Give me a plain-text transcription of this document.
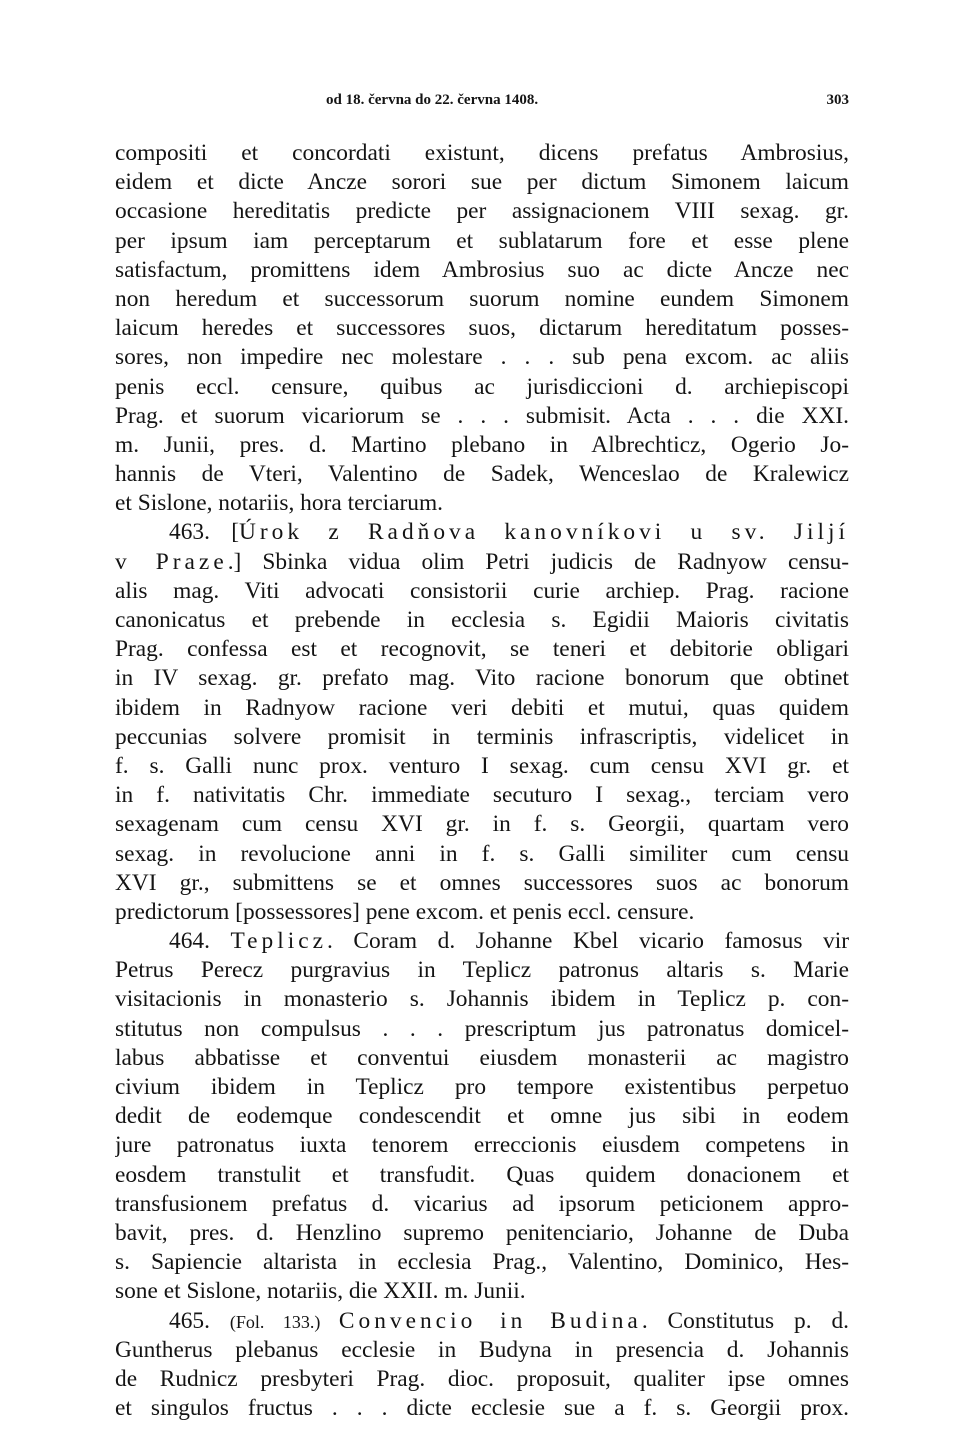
od 18. června do 22. června 1408.	303
compositi et concordati existunt, dicens prefatus Ambrosius,
eidem et dicte Ancze sorori sue per dictum Simonem laicum
occasione hereditatis predicte per assignacionem VIII sexag. gr.
per ipsum iam perceptarum et sublatarum fore et esse plene
satisfactum, promittens idem Ambrosius suo ac dicte Ancze nec
non heredum et successorum suorum nomine eundem Simonem
laicum heredes et successores suos, dictarum hereditatum posses-
sores, non impedire nec molestare . . . sub pena excom. ac aliis
penis eccl. censure, quibus ac jurisdiccioni d. archiepiscopi
Prag. et suorum vicariorum se . . . submisit. Acta . . . die XXI.
m. Junii, pres. d. Martino plebano in Albrechticz, Ogerio Jo-
hannis de Vteri, Valentino de Sadek, Wenceslao de Kralewicz
et Sislone, notariis, hora terciarum.
463. [Úrok z Radňova kanovníkovi u sv. Jiljí
v Praze.] Sbinka vidua olim Petri judicis de Radnyow censu-
alis mag. Viti advocati consistorii curie archiep. Prag. racione
canonicatus et prebende in ecclesia s. Egidii Maioris civitatis
Prag. confessa est et recognovit, se teneri et debitorie obligari
in IV sexag. gr. prefato mag. Vito racione bonorum que obtinet
ibidem in Radnyow racione veri debiti et mutui, quas quidem
peccunias solvere promisit in terminis infrascriptis, videlicet in
f. s. Galli nunc prox. venturo I sexag. cum censu XVI gr. et
in f. nativitatis Chr. immediate secuturo I sexag., terciam vero
sexagenam cum censu XVI gr. in f. s. Georgii, quartam vero
sexag. in revolucione anni in f. s. Galli similiter cum censu
XVI gr., submittens se et omnes successores suos ac bonorum
predictorum [possessores] pene excom. et penis eccl. censure.
464. Teplicz. Coram d. Johanne Kbel vicario famosus vir
Petrus Perecz purgravius in Teplicz patronus altaris s. Marie
visitacionis in monasterio s. Johannis ibidem in Teplicz p. con-
stitutus non compulsus . . . prescriptum jus patronatus domicel-
labus abbatisse et conventui eiusdem monasterii ac magistro
civium ibidem in Teplicz pro tempore existentibus perpetuo
dedit de eodemque condescendit et omne jus sibi in eodem
jure patronatus iuxta tenorem erreccionis eiusdem competens in
eosdem transtulit et transfudit. Quas quidem donacionem et
transfusionem prefatus d. vicarius ad ipsorum peticionem appro-
bavit, pres. d. Henzlino supremo penitenciario, Johanne de Duba
s. Sapiencie altarista in ecclesia Prag., Valentino, Dominico, Hes-
sone et Sislone, notariis, die XXII. m. Junii.
465. (Fol. 133.) Convencio in Budina. Constitutus p. d.
Guntherus plebanus ecclesie in Budyna in presencia d. Johannis
de Rudnicz presbyteri Prag. dioc. proposuit, qualiter ipse omnes
et singulos fructus . . . dicte ecclesie sue a f. s. Georgii prox.
